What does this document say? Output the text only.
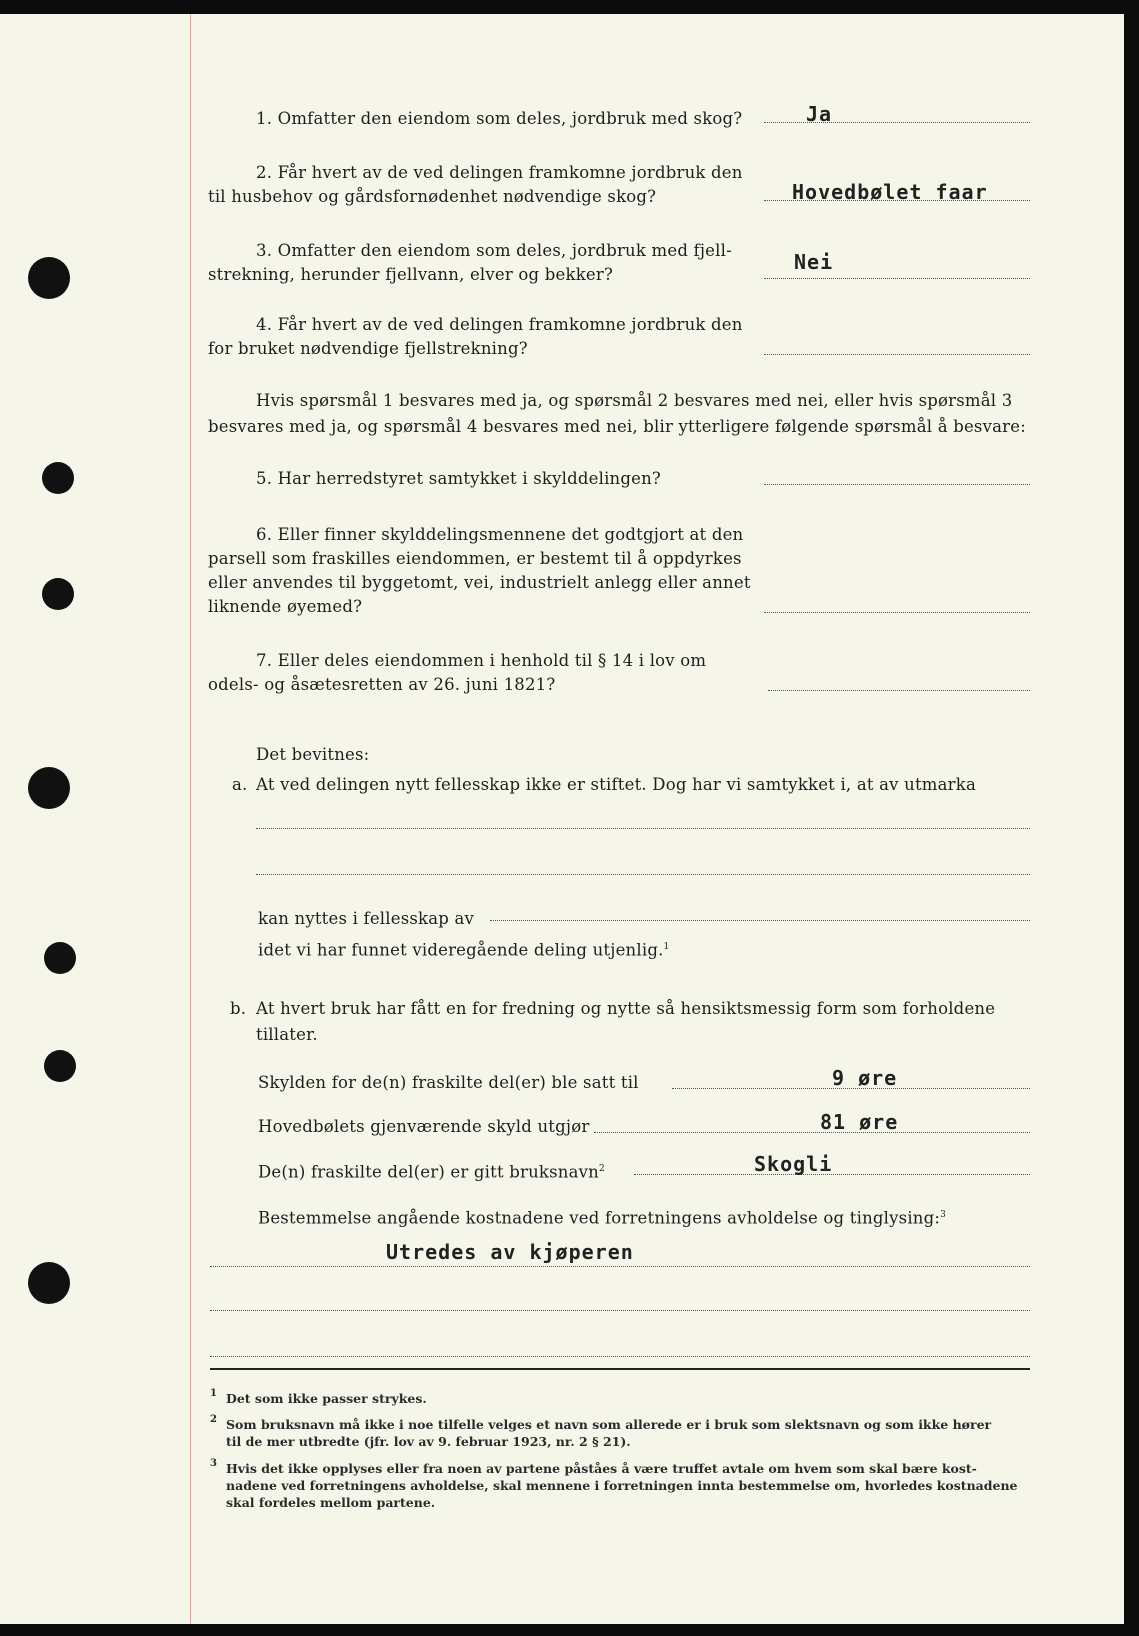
1. Omfatter den eiendom som deles, jordbruk med skog?	Ja
2. Får hvert av de ved delingen framkomne jordbruk den
til husbehov og gårdsfornødenhet nødvendige skog?	Hovedbølet faar
3. Omfatter den eiendom som deles, jordbruk med fjell-
strekning, herunder fjellvann, elver og bekker?
Nei
4. Får hvert av de ved delingen framkomne jordbruk den
for bruket nødvendige fjellstrekning?
Hvis spørsmål 1 besvares med ja, og spørsmål 2 besvares med nei, eller hvis spørsmål 3
besvares med ja, og spørsmål 4 besvares med nei, blir ytterligere følgende spørsmål å besvare:
5. Har herredstyret samtykket i skylddelingen?
6. Eller finner skylddelingsmennene det godtgjort at den
parsell som fraskilles eiendommen, er bestemt til å oppdyrkes
eller anvendes til byggetomt, vei, industrielt anlegg eller annet
liknende øyemed?
7. Eller deles eiendommen i henhold til § 14 i lov om
odels- og åsætesretten av 26. juni 1821?
Det bevitnes:
a. At ved delingen nytt fellesskap ikke er stiftet. Dog har vi samtykket i, at av utmarka
kan nyttes i fellesskap av
idet vi har funnet videregående deling utjenlig.$^1$
b. At hvert bruk har fått en for fredning og nytte så hensiktsmessig form som forholdene
tillater.
Skylden for de(n) fraskilte del(er) ble satt til	9 øre
Hovedbølets gjenværende skyld utgjør	81 øre
De(n) fraskilte del(er) er gitt bruksnavn$^2$	Skogli
Bestemmelse angående kostnadene ved forretningens avholdelse og tinglysing:$^3$
Utredes av kjøperen
1 Det som ikke passer strykes.
2 Som bruksnavn må ikke i noe tilfelle velges et navn som allerede er i bruk som slektsnavn og som ikke hører
til de mer utbredte (jfr. lov av 9. februar 1923, nr. 2 § 21).
3 Hvis det ikke opplyses eller fra noen av partene påståes å være truffet avtale om hvem som skal bære kost-
nadene ved forretningens avholdelse, skal mennene i forretningen innta bestemmelse om, hvorledes kostnadene
skal fordeles mellom partene.
